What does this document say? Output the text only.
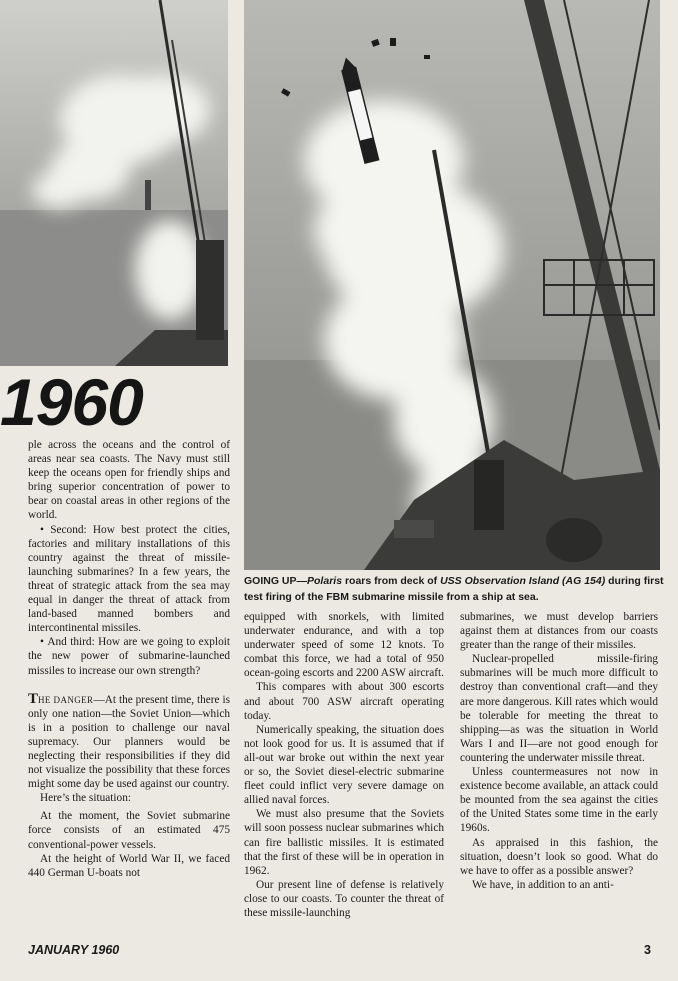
1960
GOING UP—Polaris roars from deck of USS Observation Island (AG 154) during first test firing of the FBM submarine missile from a ship at sea.

ple across the oceans and the control of areas near sea coasts. The Navy must still keep the oceans open for friendly ships and bring superior concentration of power to bear on coastal areas in other regions of the world.

• Second: How best protect the cities, factories and military installations of this country against the threat of missile-launching submarines? In a few years, the threat of strategic attack from the sea may equal in danger the threat of attack from land-based manned bombers and intercontinental missiles.

• And third: How are we going to exploit the new power of submarine-launched missiles to increase our own strength?

THE DANGER—At the present time, there is only one nation—the Soviet Union—which is in a position to challenge our naval supremacy. Our planners would be neglecting their responsibilities if they did not visualize the possibility that these forces might some day be used against our country.

Here’s the situation:

At the moment, the Soviet submarine force consists of an estimated 475 conventional-power vessels.

At the height of World War II, we faced 440 German U-boats not

equipped with snorkels, with limited underwater endurance, and with a top underwater speed of some 12 knots. To combat this force, we had a total of 950 ocean-going escorts and 2200 ASW aircraft.

This compares with about 300 escorts and about 700 ASW aircraft operating today.

Numerically speaking, the situation does not look good for us. It is assumed that if all-out war broke out within the next year or so, the Soviet diesel-electric submarine fleet could inflict very severe damage on allied naval forces.

We must also presume that the Soviets will soon possess nuclear submarines which can fire ballistic missiles. It is estimated that the first of these will be in operation in 1962.

Our present line of defense is relatively close to our coasts. To counter the threat of these missile-launching

submarines, we must develop barriers against them at distances from our coasts greater than the range of their missiles.

Nuclear-propelled missile-firing submarines will be much more difficult to destroy than conventional craft—and they are more dangerous. Kill rates which would be tolerable for meeting the threat to shipping—as was the situation in World Wars I and II—are not good enough for countering the underwater missile threat.

Unless countermeasures not now in existence become available, an attack could be mounted from the sea against the cities of the United States some time in the early 1960s.

As appraised in this fashion, the situation, doesn’t look so good. What do we have to offer as a possible answer?

We have, in addition to an anti-

JANUARY 1960	3
